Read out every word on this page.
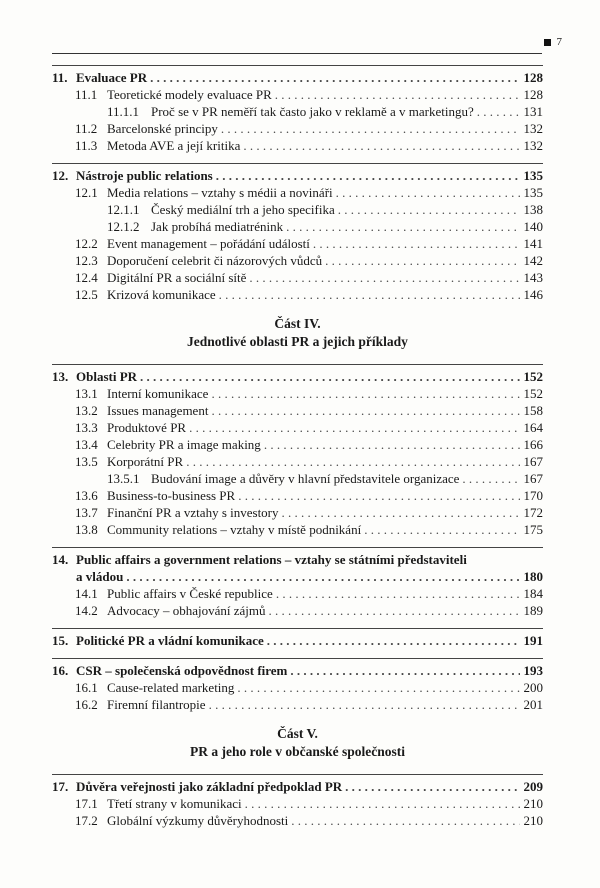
7
11. Evaluace PR . . .	128
11.1 Teoretické modely evaluace PR . . .	128
11.1.1 Proč se v PR neměří tak často jako v reklamě a v marketingu? . . .	131
11.2 Barcelonské principy . . .	132
11.3 Metoda AVE a její kritika . . .	132
12. Nástroje public relations . . .	135
12.1 Media relations – vztahy s médii a novináři . . .	135
12.1.1 Český mediální trh a jeho specifika . . .	138
12.1.2 Jak probíhá mediatrénink . . .	140
12.2 Event management – pořádání událostí . . .	141
12.3 Doporučení celebrit či názorových vůdců . . .	142
12.4 Digitální PR a sociální sítě . . .	143
12.5 Krizová komunikace . . .	146
Část IV.
Jednotlivé oblasti PR a jejich příklady
13. Oblasti PR . . .	152
13.1 Interní komunikace . . .	152
13.2 Issues management . . .	158
13.3 Produktové PR . . .	164
13.4 Celebrity PR a image making . . .	166
13.5 Korporátní PR . . .	167
13.5.1 Budování image a důvěry v hlavní představitele organizace . . .	167
13.6 Business-to-business PR . . .	170
13.7 Finanční PR a vztahy s investory . . .	172
13.8 Community relations – vztahy v místě podnikání . . .	175
14. Public affairs a government relations – vztahy se státními představiteli
a vládou . . .	180
14.1 Public affairs v České republice . . .	184
14.2 Advocacy – obhajování zájmů . . .	189
15. Politické PR a vládní komunikace . . .	191
16. CSR – společenská odpovědnost firem . . .	193
16.1 Cause-related marketing . . .	200
16.2 Firemní filantropie . . .	201
Část V.
PR a jeho role v občanské společnosti
17. Důvěra veřejnosti jako základní předpoklad PR . . .	209
17.1 Třetí strany v komunikaci . . .	210
17.2 Globální výzkumy důvěryhodnosti . . .	210
